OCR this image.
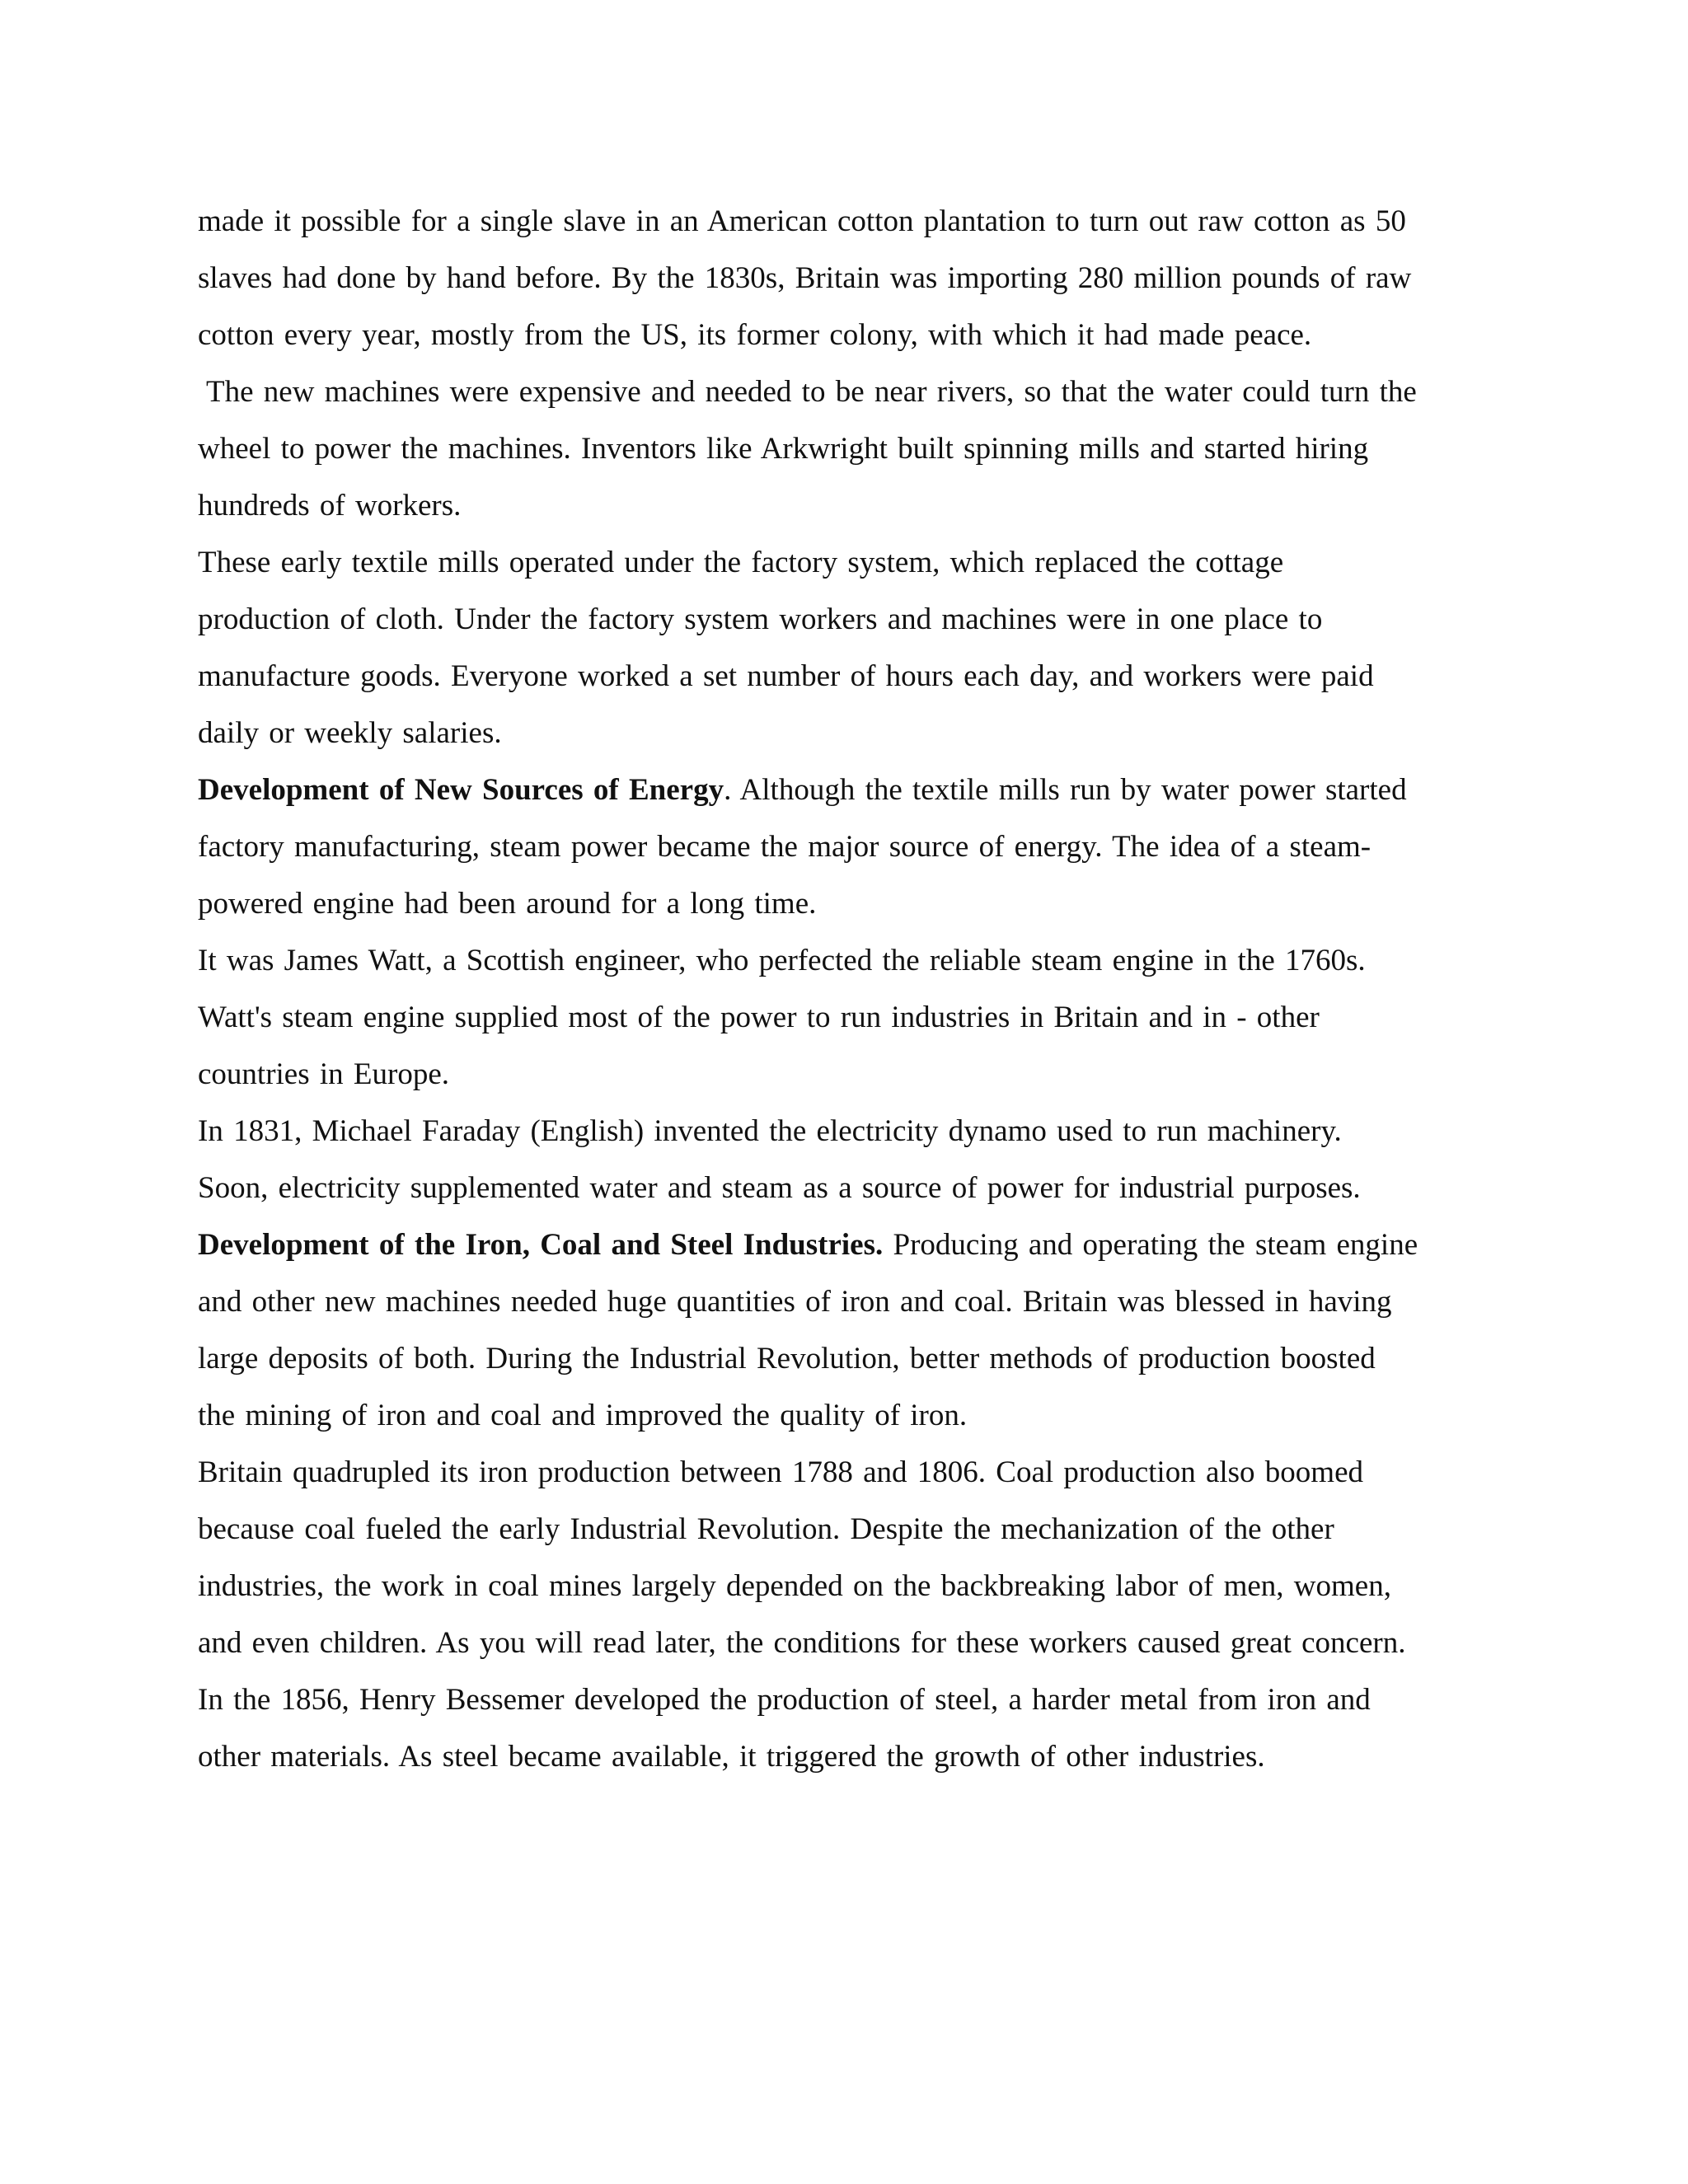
made it possible for a single slave in an American cotton plantation to turn out raw cotton as 50
slaves had done by hand before. By the 1830s, Britain was importing 280 million pounds of raw
cotton every year, mostly from the US, its former colony, with which it had made peace.
The new machines were expensive and needed to be near rivers, so that the water could turn the
wheel to power the machines. Inventors like Arkwright built spinning mills and started hiring
hundreds of workers.
These early textile mills operated under the factory system, which replaced the cottage
production of cloth. Under the factory system workers and machines were in one place to
manufacture goods. Everyone worked a set number of hours each day, and workers were paid
daily or weekly salaries.
Development of New Sources of Energy. Although the textile mills run by water power started
factory manufacturing, steam power became the major source of energy. The idea of a steam-
powered engine had been around for a long time.
It was James Watt, a Scottish engineer, who perfected the reliable steam engine in the 1760s.
Watt's steam engine supplied most of the power to run industries in Britain and in - other
countries in Europe.
In 1831, Michael Faraday (English) invented the electricity dynamo used to run machinery.
Soon, electricity supplemented water and steam as a source of power for industrial purposes.
Development of the Iron, Coal and Steel Industries. Producing and operating the steam engine
and other new machines needed huge quantities of iron and coal. Britain was blessed in having
large deposits of both. During the Industrial Revolution, better methods of production boosted
the mining of iron and coal and improved the quality of iron.
Britain quadrupled its iron production between 1788 and 1806. Coal production also boomed
because coal fueled the early Industrial Revolution. Despite the mechanization of the other
industries, the work in coal mines largely depended on the backbreaking labor of men, women,
and even children. As you will read later, the conditions for these workers caused great concern.
In the 1856, Henry Bessemer developed the production of steel, a harder metal from iron and
other materials. As steel became available, it triggered the growth of other industries.
